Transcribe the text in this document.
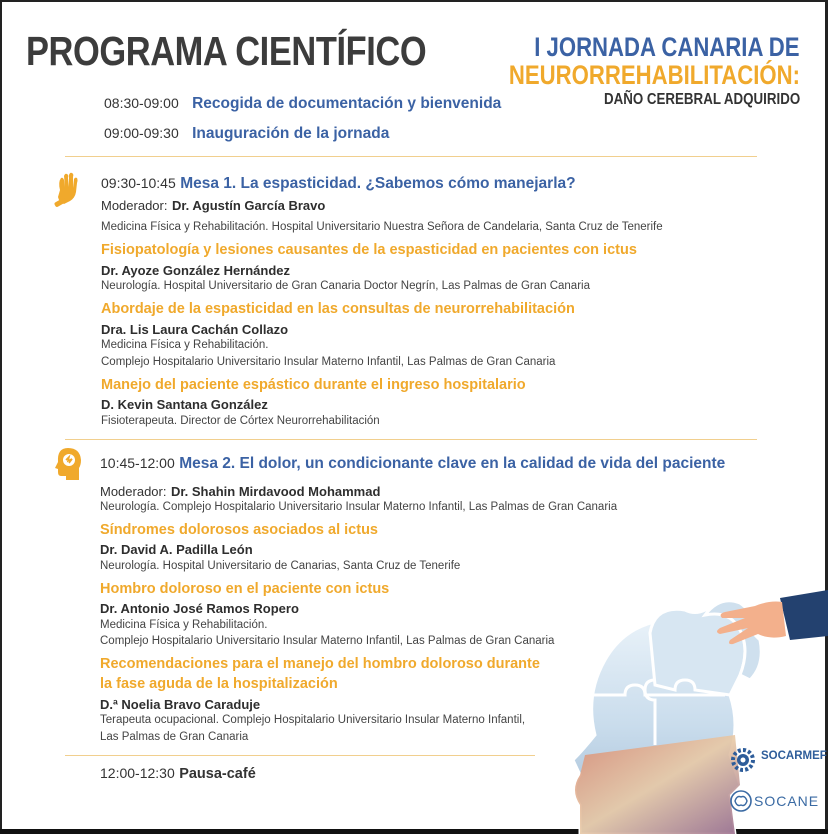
PROGRAMA CIENTÍFICO	I JORNADA CANARIA DE
NEURORREHABILITACIÓN:
DAÑO CEREBRAL ADQUIRIDO
08:30-09:00 Recogida de documentación y bienvenida
09:00-09:30 Inauguración de la jornada
09:30-10:45 Mesa 1. La espasticidad. ¿Sabemos cómo manejarla?
Moderador: Dr. Agustín García Bravo
Medicina Física y Rehabilitación. Hospital Universitario Nuestra Señora de Candelaria, Santa Cruz de Tenerife
Fisiopatología y lesiones causantes de la espasticidad en pacientes con ictus
Dr. Ayoze González Hernández
Neurología. Hospital Universitario de Gran Canaria Doctor Negrín, Las Palmas de Gran Canaria
Abordaje de la espasticidad en las consultas de neurorrehabilitación
Dra. Lis Laura Cachán Collazo
Medicina Física y Rehabilitación.
Complejo Hospitalario Universitario Insular Materno Infantil, Las Palmas de Gran Canaria
Manejo del paciente espástico durante el ingreso hospitalario
D. Kevin Santana González
Fisioterapeuta. Director de Córtex Neurorrehabilitación
10:45-12:00 Mesa 2. El dolor, un condicionante clave en la calidad de vida del paciente
Moderador: Dr. Shahin Mirdavood Mohammad
Neurología. Complejo Hospitalario Universitario Insular Materno Infantil, Las Palmas de Gran Canaria
Síndromes dolorosos asociados al ictus
Dr. David A. Padilla León
Neurología. Hospital Universitario de Canarias, Santa Cruz de Tenerife
Hombro doloroso en el paciente con ictus
Dr. Antonio José Ramos Ropero
Medicina Física y Rehabilitación.
Complejo Hospitalario Universitario Insular Materno Infantil, Las Palmas de Gran Canaria
Recomendaciones para el manejo del hombro doloroso durante
la fase aguda de la hospitalización
D.ª Noelia Bravo Caraduje
Terapeuta ocupacional. Complejo Hospitalario Universitario Insular Materno Infantil,
Las Palmas de Gran Canaria
12:00-12:30 Pausa-café
SOCARMEF
SOCANE
